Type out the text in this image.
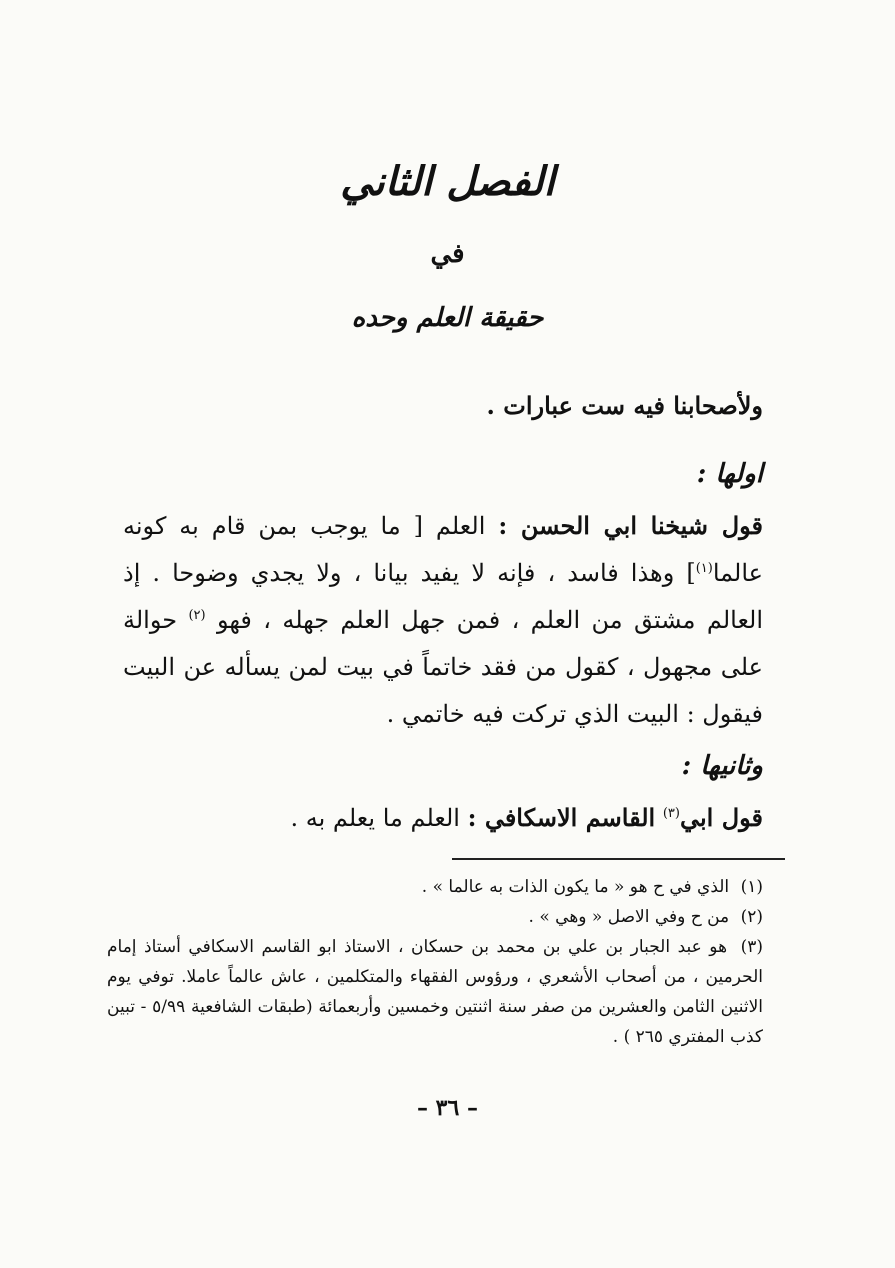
الفصل الثاني
في
حقيقة العلم وحده
ولأصحابنا فيه ست عبارات .
اولها :
قول شيخنا ابي الحسن : العلم [ ما يوجب بمن قام به كونه عالما$^{(١)}$] وهذا فاسد ، فإنه لا يفيد بيانا ، ولا يجدي وضوحا . إذ العالم مشتق من العلم ، فمن جهل العلم جهله ، فهو $^{(٢)}$ حوالة على مجهول ، كقول من فقد خاتماً في بيت لمن يسأله عن البيت فيقول : البيت الذي تركت فيه خاتمي .
وثانيها :
قول ابي$^{(٣)}$ القاسم الاسكافي : العلم ما يعلم به .

(١) الذي في ح هو « ما يكون الذات به عالما » .

(٢) من ح وفي الاصل « وهي » .

(٣) هو عبد الجبار بن علي بن محمد بن حسكان ، الاستاذ ابو القاسم الاسكافي أستاذ إمام الحرمين ، من أصحاب الأشعري ، ورؤوس الفقهاء والمتكلمين ، عاش عالماً عاملا. توفي يوم الاثنين الثامن والعشرين من صفر سنة اثنتين وخمسين وأربعمائة (طبقات الشافعية ٥/٩٩ - تبين كذب المفتري ٢٦٥ ) .

– ٣٦ –
